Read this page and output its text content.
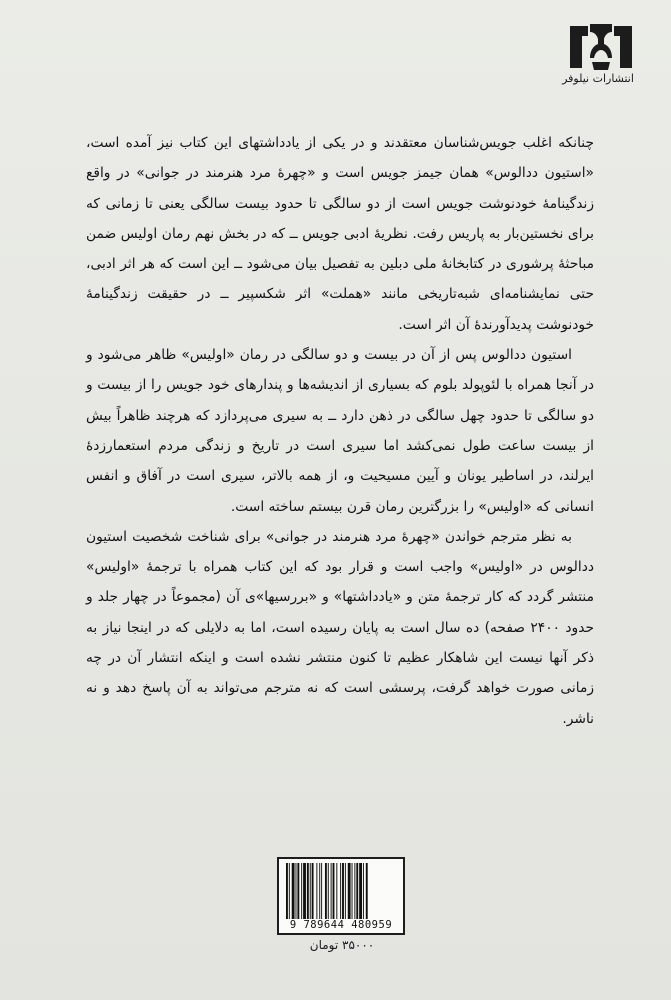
انتشارات نیلوفر

چنانکه اغلب جویس‌شناسان معتقدند و در یکی از یادداشتهای این کتاب نیز آمده است، «استیون ددالوس» همان جیمز جویس است و «چهرهٔ مرد هنرمند در جوانی» در واقع زندگینامهٔ خودنوشت جویس است از دو سالگی تا حدود بیست سالگی یعنی تا زمانی که برای نخستین‌بار به پاریس رفت. نظریهٔ ادبی جویس ــ که در بخش نهم رمان اولیس ضمن مباحثهٔ پرشوری در کتابخانهٔ ملی دبلین به تفصیل بیان می‌شود ــ این است که هر اثر ادبی، حتی نمایشنامه‌ای شبه‌تاریخی مانند «هملت» اثر شکسپیر ــ در حقیقت زندگینامهٔ خودنوشت پدیدآورندهٔ آن اثر است.

استیون ددالوس پس از آن در بیست و دو سالگی در رمان «اولیس» ظاهر می‌شود و در آنجا همراه با لئوپولد بلوم که بسیاری از اندیشه‌ها و پندارهای خود جویس را از بیست و دو سالگی تا حدود چهل سالگی در ذهن دارد ــ به سیری می‌پردازد که هرچند ظاهراً بیش از بیست ساعت طول نمی‌کشد اما سیری است در تاریخ و زندگی مردم استعمارزدهٔ ایرلند، در اساطیر یونان و آیین مسیحیت و، از همه بالاتر، سیری است در آفاق و انفس انسانی که «اولیس» را بزرگترین رمان قرن بیستم ساخته است.

به نظر مترجم خواندن «چهرهٔ مرد هنرمند در جوانی» برای شناخت شخصیت استیون ددالوس در «اولیس» واجب است و قرار بود که این کتاب همراه با ترجمهٔ «اولیس» منتشر گردد که کار ترجمهٔ متن و «یادداشتها» و «بررسیها»ی آن (مجموعاً در چهار جلد و حدود ۲۴۰۰ صفحه) ده سال است به پایان رسیده است، اما به دلایلی که در اینجا نیاز به ذکر آنها نیست این شاهکار عظیم تا کنون منتشر نشده است و اینکه انتشار آن در چه زمانی صورت خواهد گرفت، پرسشی است که نه مترجم می‌تواند به آن پاسخ دهد و نه ناشر.

9 789644 480959
۳۵۰۰۰ تومان
